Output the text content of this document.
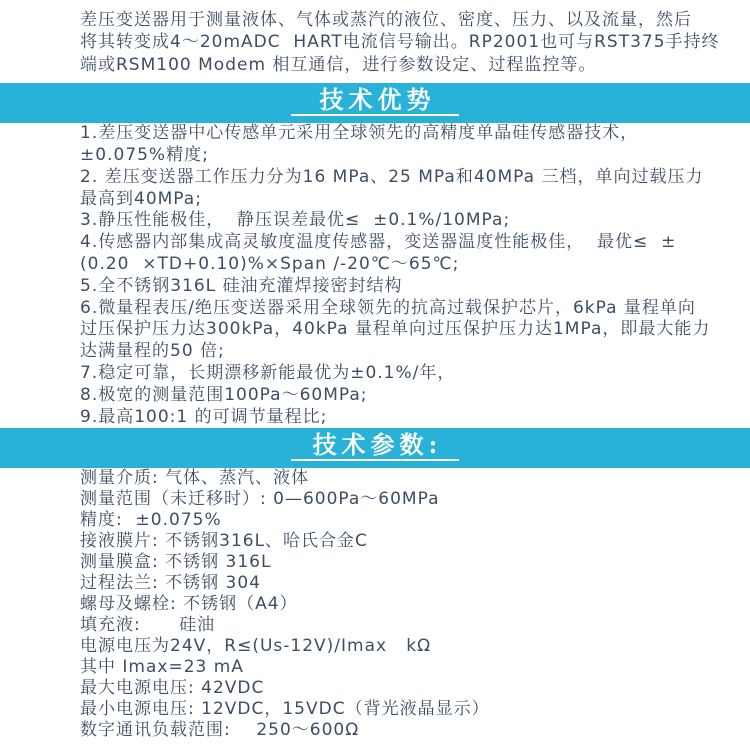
差压变送器用于测量液体、气体或蒸汽的液位、密度、压力、以及流量，然后
将其转变成4～20mADC  HART电流信号输出。RP2001也可与RST375手持终
端或RSM100 Modem 相互通信，进行参数设定、过程监控等。
技术优势
1.差压变送器中心传感单元采用全球领先的高精度单晶硅传感器技术，
±0.075%精度;
2. 差压变送器工作压力分为16 MPa、25 MPa和40MPa 三档，单向过载压力
最高到40MPa;
3.静压性能极佳，  静压误差最优≤  ±0.1%/10MPa;
4.传感器内部集成高灵敏度温度传感器，变送器温度性能极佳，  最优≤  ±
(0.20  ×TD+0.10)%×Span /-20℃～65℃;
5.全不锈钢316L 硅油充灌焊接密封结构
6.微量程表压/绝压变送器采用全球领先的抗高过载保护芯片，6kPa 量程单向
过压保护压力达300kPa，40kPa 量程单向过压保护压力达1MPa，即最大能力
达满量程的50 倍;
7.稳定可靠，长期漂移新能最优为±0.1%/年，
8.极宽的测量范围100Pa～60MPa;
9.最高100:1 的可调节量程比;
技术参数:
测量介质: 气体、蒸汽、液体
测量范围（未迁移时）: 0—600Pa～60MPa
精度:  ±0.075%
接液膜片: 不锈钢316L、哈氏合金C
测量膜盒: 不锈钢 316L
过程法兰: 不锈钢 304
螺母及螺栓: 不锈钢（A4）
填充液:      硅油
电源电压为24V，R≤(Us-12V)/Imax   kΩ
其中 Imax=23 mA
最大电源电压: 42VDC
最小电源电压: 12VDC，15VDC（背光液晶显示）
数字通讯负载范围:    250～600Ω
